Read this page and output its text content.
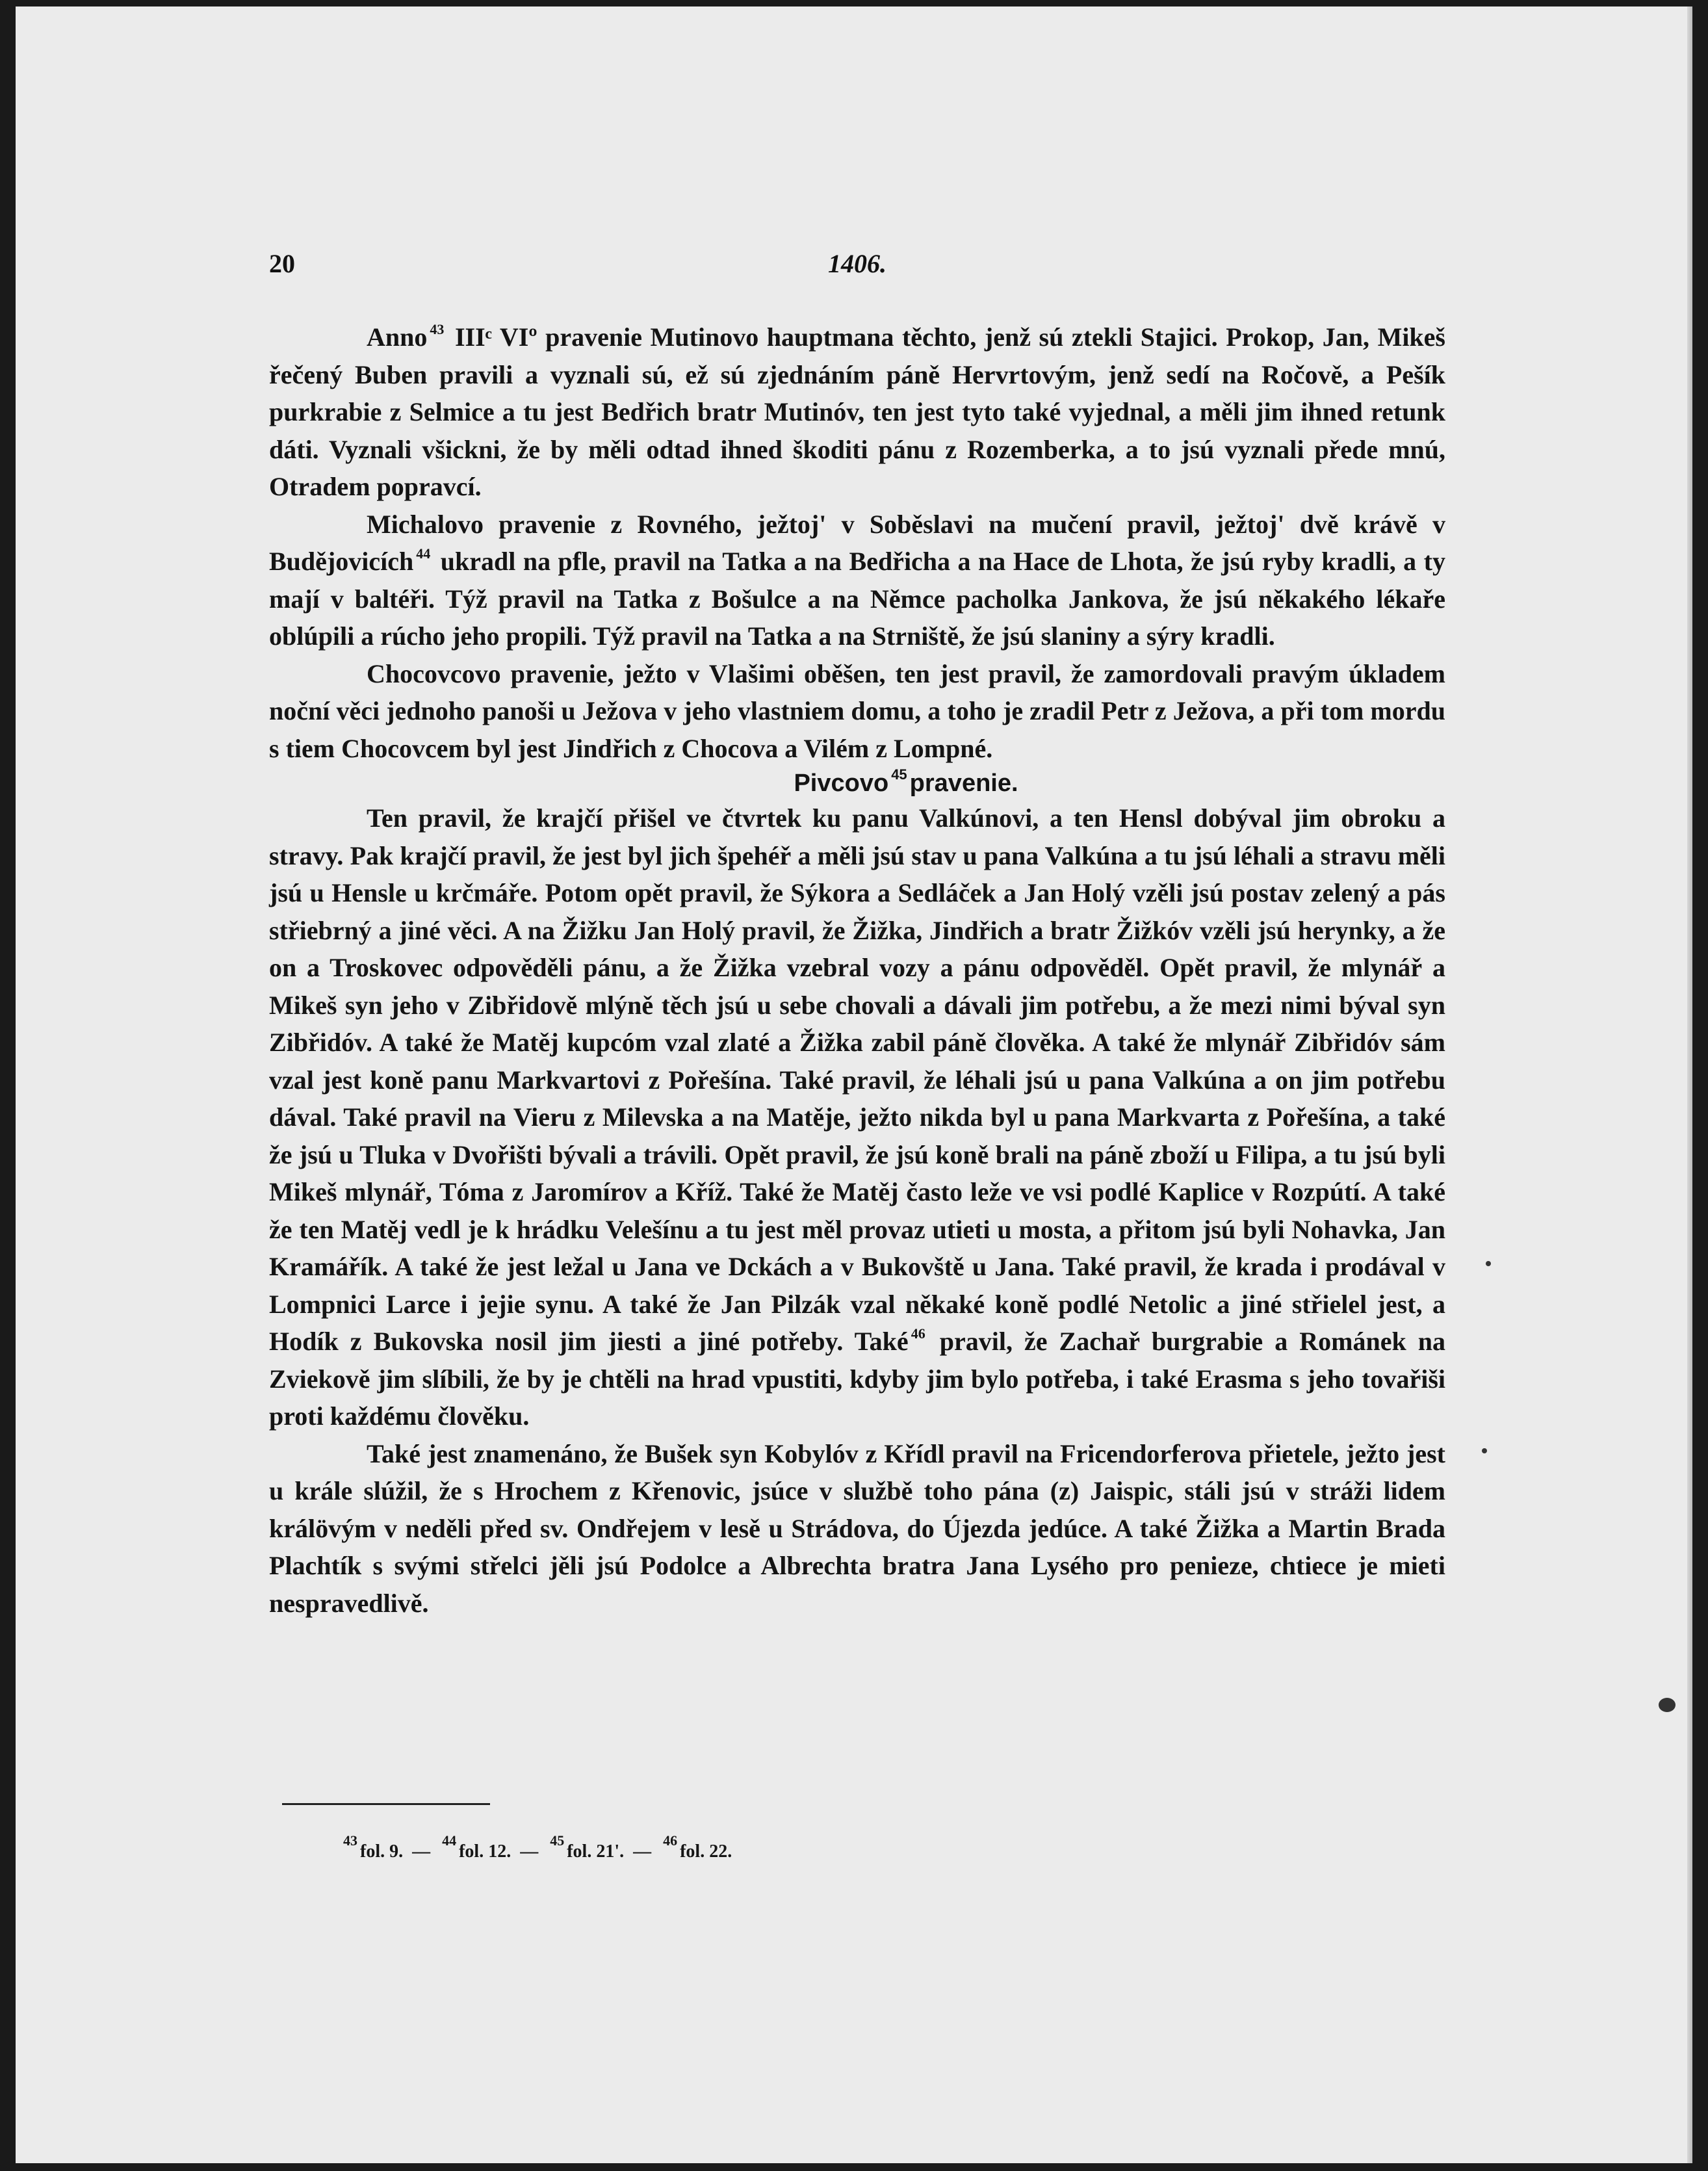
20	1406.

Anno $^{43}$ IIIᶜ VIº pravenie Mutinovo hauptmana těchto, jenž sú ztekli Stajici. Prokop, Jan, Mikeš řečený Buben pravili a vyznali sú, ež sú zjednáním páně Hervrtovým, jenž sedí na Ročově, a Pešík purkrabie z Selmice a tu jest Bedřich bratr Mutinóv, ten jest tyto také vyjednal, a měli jim ihned retunk dáti. Vyznali všickni, že by měli odtad ihned škoditi pánu z Rozemberka, a to jsú vyznali přede mnú, Otradem popravcí.

Michalovo pravenie z Rovného, ježtoj' v Soběslavi na mučení pravil, ježtoj' dvě krávě v Budějovicích $^{44}$ ukradl na pfle, pravil na Tatka a na Bedřicha a na Hace de Lhota, že jsú ryby kradli, a ty mají v baltéři. Týž pravil na Tatka z Bošulce a na Němce pacholka Jankova, že jsú někakého lékaře oblúpili a rúcho jeho propili. Týž pravil na Tatka a na Strniště, že jsú slaniny a sýry kradli.

Chocovcovo pravenie, ježto v Vlašimi oběšen, ten jest pravil, že zamordovali pravým úkladem noční věci jednoho panoši u Ježova v jeho vlastniem domu, a toho je zradil Petr z Ježova, a při tom mordu s tiem Chocovcem byl jest Jindřich z Chocova a Vilém z Lompné.

Pivcovo $^{45}$ pravenie.

Ten pravil, že krajčí přišel ve čtvrtek ku panu Valkúnovi, a ten Hensl dobýval jim obroku a stravy. Pak krajčí pravil, že jest byl jich špehéř a měli jsú stav u pana Valkúna a tu jsú léhali a stravu měli jsú u Hensle u krčmáře. Potom opět pravil, že Sýkora a Sedláček a Jan Holý vzěli jsú postav zelený a pás střiebrný a jiné věci. A na Žižku Jan Holý pravil, že Žižka, Jindřich a bratr Žižkóv vzěli jsú herynky, a že on a Troskovec odpověděli pánu, a že Žižka vzebral vozy a pánu odpověděl. Opět pravil, že mlynář a Mikeš syn jeho v Zibřidově mlýně těch jsú u sebe chovali a dávali jim potřebu, a že mezi nimi býval syn Zibřidóv. A také že Matěj kupcóm vzal zlaté a Žižka zabil páně člověka. A také že mlynář Zibřidóv sám vzal jest koně panu Markvartovi z Pořešína. Také pravil, že léhali jsú u pana Valkúna a on jim potřebu dával. Také pravil na Vieru z Milevska a na Matěje, ježto nikda byl u pana Markvarta z Pořešína, a také že jsú u Tluka v Dvořišti bývali a trávili. Opět pravil, že jsú koně brali na páně zboží u Filipa, a tu jsú byli Mikeš mlynář, Tóma z Jaromírov a Kříž. Také že Matěj často leže ve vsi podlé Kaplice v Rozpútí. A také že ten Matěj vedl je k hrádku Velešínu a tu jest měl provaz utieti u mosta, a přitom jsú byli Nohavka, Jan Kramářík. A také že jest ležal u Jana ve Dckách a v Bukovště u Jana. Také pravil, že krada i prodával v Lompnici Larce i jejie synu. A také že Jan Pilzák vzal někaké koně podlé Netolic a jiné střielel jest, a Hodík z Bukovska nosil jim jiesti a jiné potřeby. Také $^{46}$ pravil, že Zachař burgrabie a Románek na Zviekově jim slíbili, že by je chtěli na hrad vpustiti, kdyby jim bylo potřeba, i také Erasma s jeho tovařiši proti každému člověku.

Také jest znamenáno, že Bušek syn Kobylóv z Křídl pravil na Fricendorferova přietele, ježto jest u krále slúžil, že s Hrochem z Křenovic, jsúce v službě toho pána (z) Jaispic, stáli jsú v stráži lidem králövým v neděli před sv. Ondřejem v lesě u Strádova, do Újezda jedúce. A také Žižka a Martin Brada Plachtík s svými střelci jěli jsú Podolce a Albrechta bratra Jana Lysého pro penieze, chtiece je mieti nespravedlivě.

$^{43}$fol. 9. —$^{44}$fol. 12. —$^{45}$fol. 21'. —$^{46}$fol. 22.
